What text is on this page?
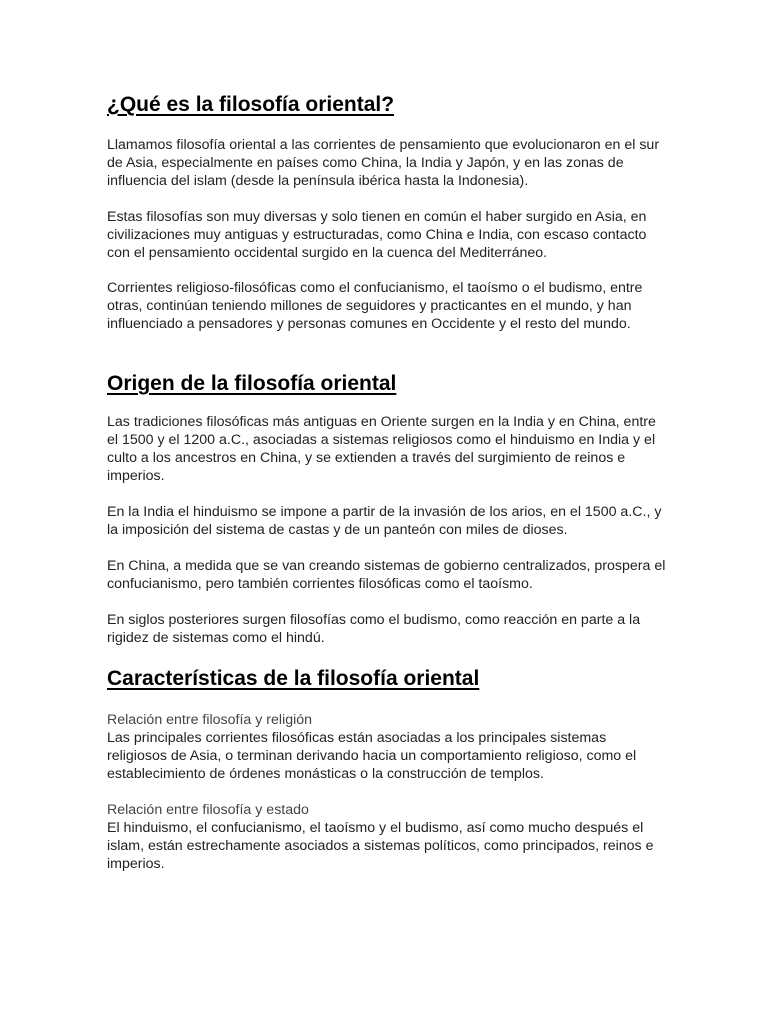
¿Qué es la filosofía oriental?

Llamamos filosofía oriental a las corrientes de pensamiento que evolucionaron en el sur de Asia, especialmente en países como China, la India y Japón, y en las zonas de influencia del islam (desde la península ibérica hasta la Indonesia).

Estas filosofías son muy diversas y solo tienen en común el haber surgido en Asia, en civilizaciones muy antiguas y estructuradas, como China e India, con escaso contacto con el pensamiento occidental surgido en la cuenca del Mediterráneo.

Corrientes religioso-filosóficas como el confucianismo, el taoísmo o el budismo, entre otras, continúan teniendo millones de seguidores y practicantes en el mundo, y han influenciado a pensadores y personas comunes en Occidente y el resto del mundo.

Origen de la filosofía oriental

Las tradiciones filosóficas más antiguas en Oriente surgen en la India y en China, entre el 1500 y el 1200 a.C., asociadas a sistemas religiosos como el hinduismo en India y el culto a los ancestros en China, y se extienden a través del surgimiento de reinos e imperios.

En la India el hinduismo se impone a partir de la invasión de los arios, en el 1500 a.C., y la imposición del sistema de castas y de un panteón con miles de dioses.

En China, a medida que se van creando sistemas de gobierno centralizados, prospera el confucianismo, pero también corrientes filosóficas como el taoísmo.

En siglos posteriores surgen filosofías como el budismo, como reacción en parte a la rigidez de sistemas como el hindú.

Características de la filosofía oriental

Relación entre filosofía y religión

Las principales corrientes filosóficas están asociadas a los principales sistemas religiosos de Asia, o terminan derivando hacia un comportamiento religioso, como el establecimiento de órdenes monásticas o la construcción de templos.

Relación entre filosofía y estado

El hinduismo, el confucianismo, el taoísmo y el budismo, así como mucho después el islam, están estrechamente asociados a sistemas políticos, como principados, reinos e imperios.
